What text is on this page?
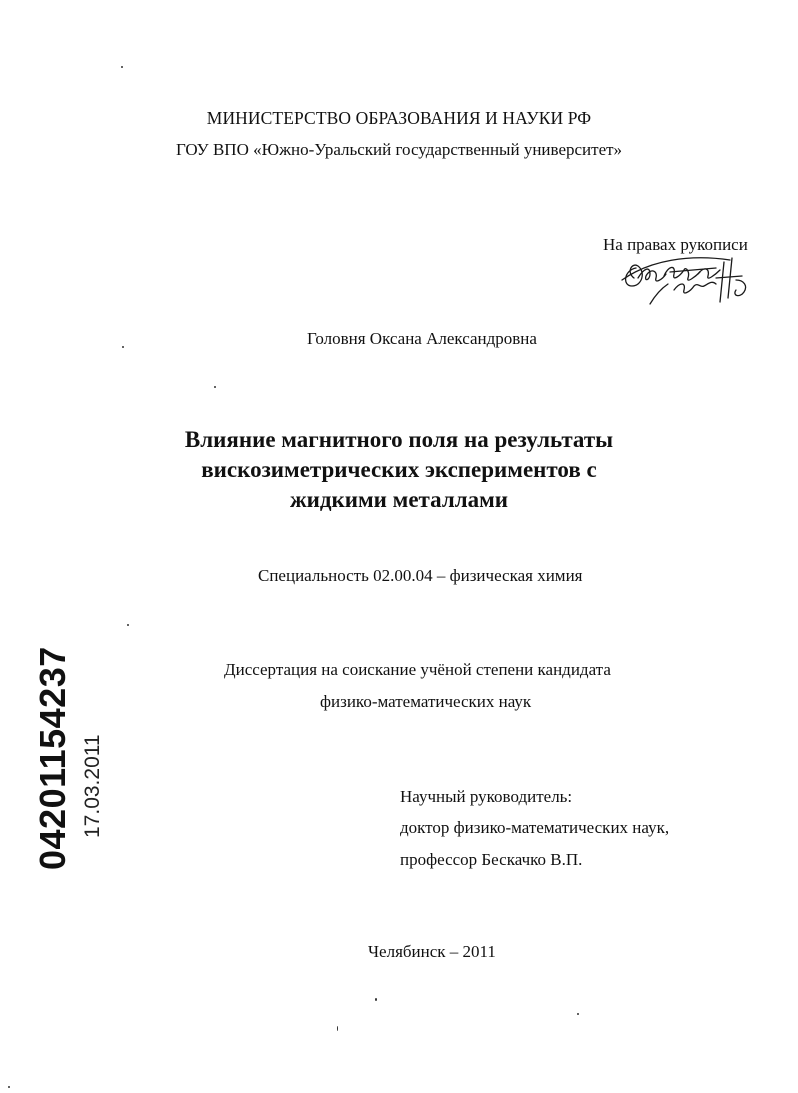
МИНИСТЕРСТВО ОБРАЗОВАНИЯ И НАУКИ РФ
ГОУ ВПО «Южно-Уральский государственный университет»
На правах рукописи
Головня Оксана Александровна
Влияние магнитного поля на результаты
вискозиметрических экспериментов с
жидкими металлами
Специальность 02.00.04 – физическая химия
Диссертация на соискание учёной степени кандидата
физико-математических наук
Научный руководитель:
доктор физико-математических наук,
профессор Бескачко В.П.
Челябинск – 2011
04201154237 17.03.2011
